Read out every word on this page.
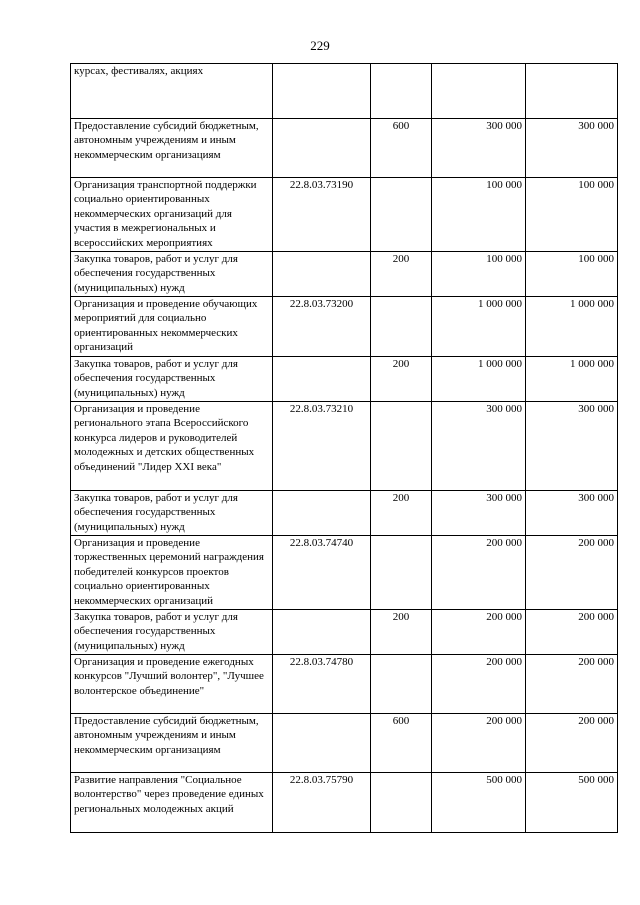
229
курсах, фестивалях, акциях				
Предоставление субсидий бюджетным, автономным учреждениям и иным некоммерческим организациям		600	300 000	300 000
Организация транспортной поддержки социально ориентированных некоммерческих организаций для участия в межрегиональных и всероссийских мероприятиях	22.8.03.73190		100 000	100 000
Закупка товаров, работ и услуг для обеспечения государственных (муниципальных) нужд		200	100 000	100 000
Организация и проведение обучающих мероприятий для социально ориентированных некоммерческих организаций	22.8.03.73200		1 000 000	1 000 000
Закупка товаров, работ и услуг для обеспечения государственных (муниципальных) нужд		200	1 000 000	1 000 000
Организация и проведение регионального этапа Всероссийского конкурса лидеров и руководителей молодежных и детских общественных объединений "Лидер XXI века"	22.8.03.73210		300 000	300 000
Закупка товаров, работ и услуг для обеспечения государственных (муниципальных) нужд		200	300 000	300 000
Организация и проведение торжественных церемоний награждения победителей конкурсов проектов социально ориентированных некоммерческих организаций	22.8.03.74740		200 000	200 000
Закупка товаров, работ и услуг для обеспечения государственных (муниципальных) нужд		200	200 000	200 000
Организация и проведение ежегодных конкурсов "Лучший волонтер", "Лучшее волонтерское объединение"	22.8.03.74780		200 000	200 000
Предоставление субсидий бюджетным, автономным учреждениям и иным некоммерческим организациям		600	200 000	200 000
Развитие направления "Социальное волонтерство" через проведение единых региональных молодежных акций	22.8.03.75790		500 000	500 000
